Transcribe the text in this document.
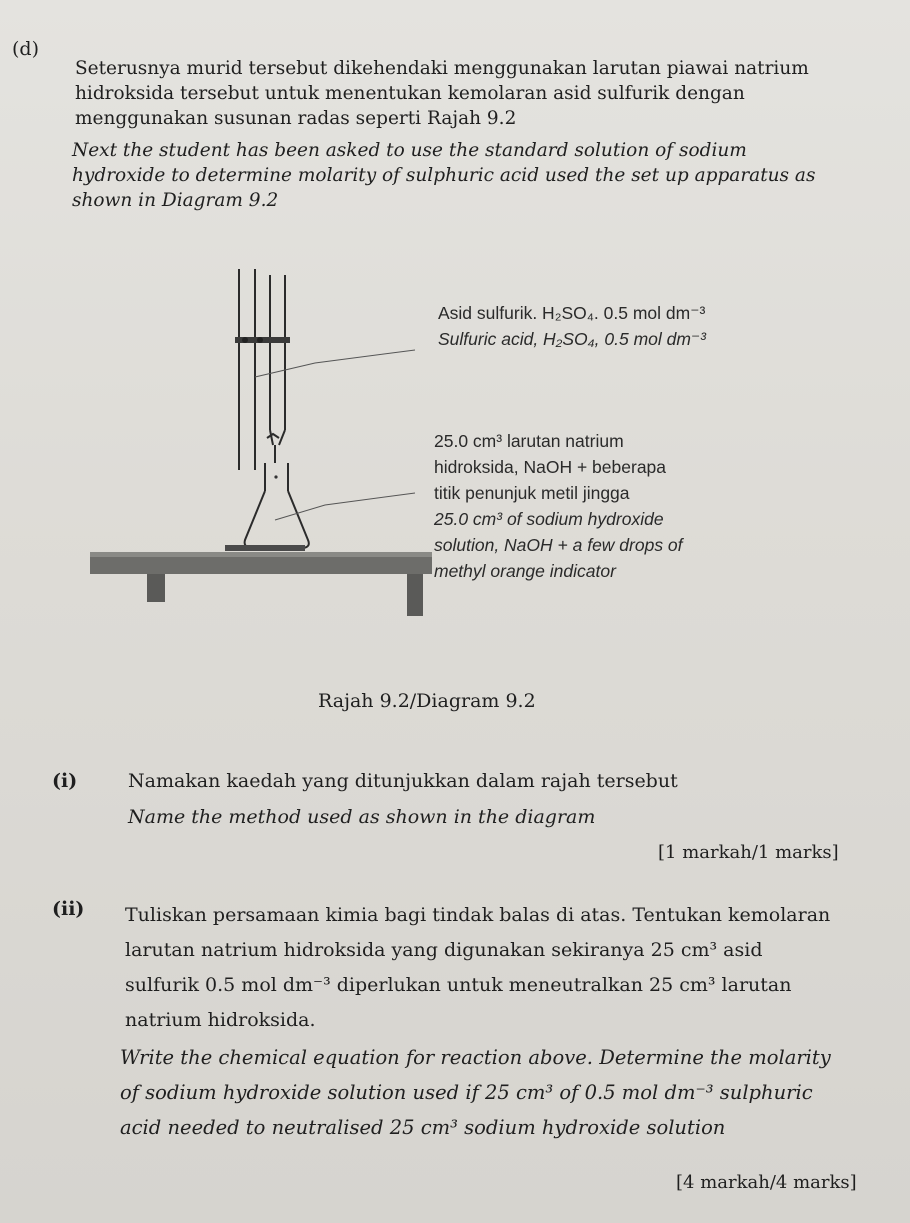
(d)
Seterusnya murid tersebut dikehendaki menggunakan larutan piawai natrium
hidroksida tersebut untuk menentukan kemolaran asid sulfurik dengan
menggunakan susunan radas seperti Rajah 9.2
Next the student has been asked to use the standard solution of sodium
hydroxide to determine molarity of sulphuric acid used the set up apparatus as
shown in Diagram 9.2
Asid sulfurik. H₂SO₄. 0.5 mol dm⁻³
Sulfuric acid, H₂SO₄, 0.5 mol dm⁻³
25.0 cm³ larutan natrium
hidroksida, NaOH + beberapa
titik penunjuk metil jingga
25.0 cm³ of sodium hydroxide
solution, NaOH + a few drops of
methyl orange indicator
Rajah 9.2/Diagram 9.2
(i)	Namakan kaedah yang ditunjukkan dalam rajah tersebut
Name the method used as shown in the diagram
[1 markah/1 marks]
(ii) Tuliskan persamaan kimia bagi tindak balas di atas. Tentukan kemolaran
larutan natrium hidroksida yang digunakan sekiranya 25 cm³ asid
sulfurik 0.5 mol dm⁻³ diperlukan untuk meneutralkan 25 cm³ larutan
natrium hidroksida.
Write the chemical equation for reaction above. Determine the molarity
of sodium hydroxide solution used if 25 cm³ of 0.5 mol dm⁻³ sulphuric
acid needed to neutralised 25 cm³ sodium hydroxide solution
[4 markah/4 marks]
